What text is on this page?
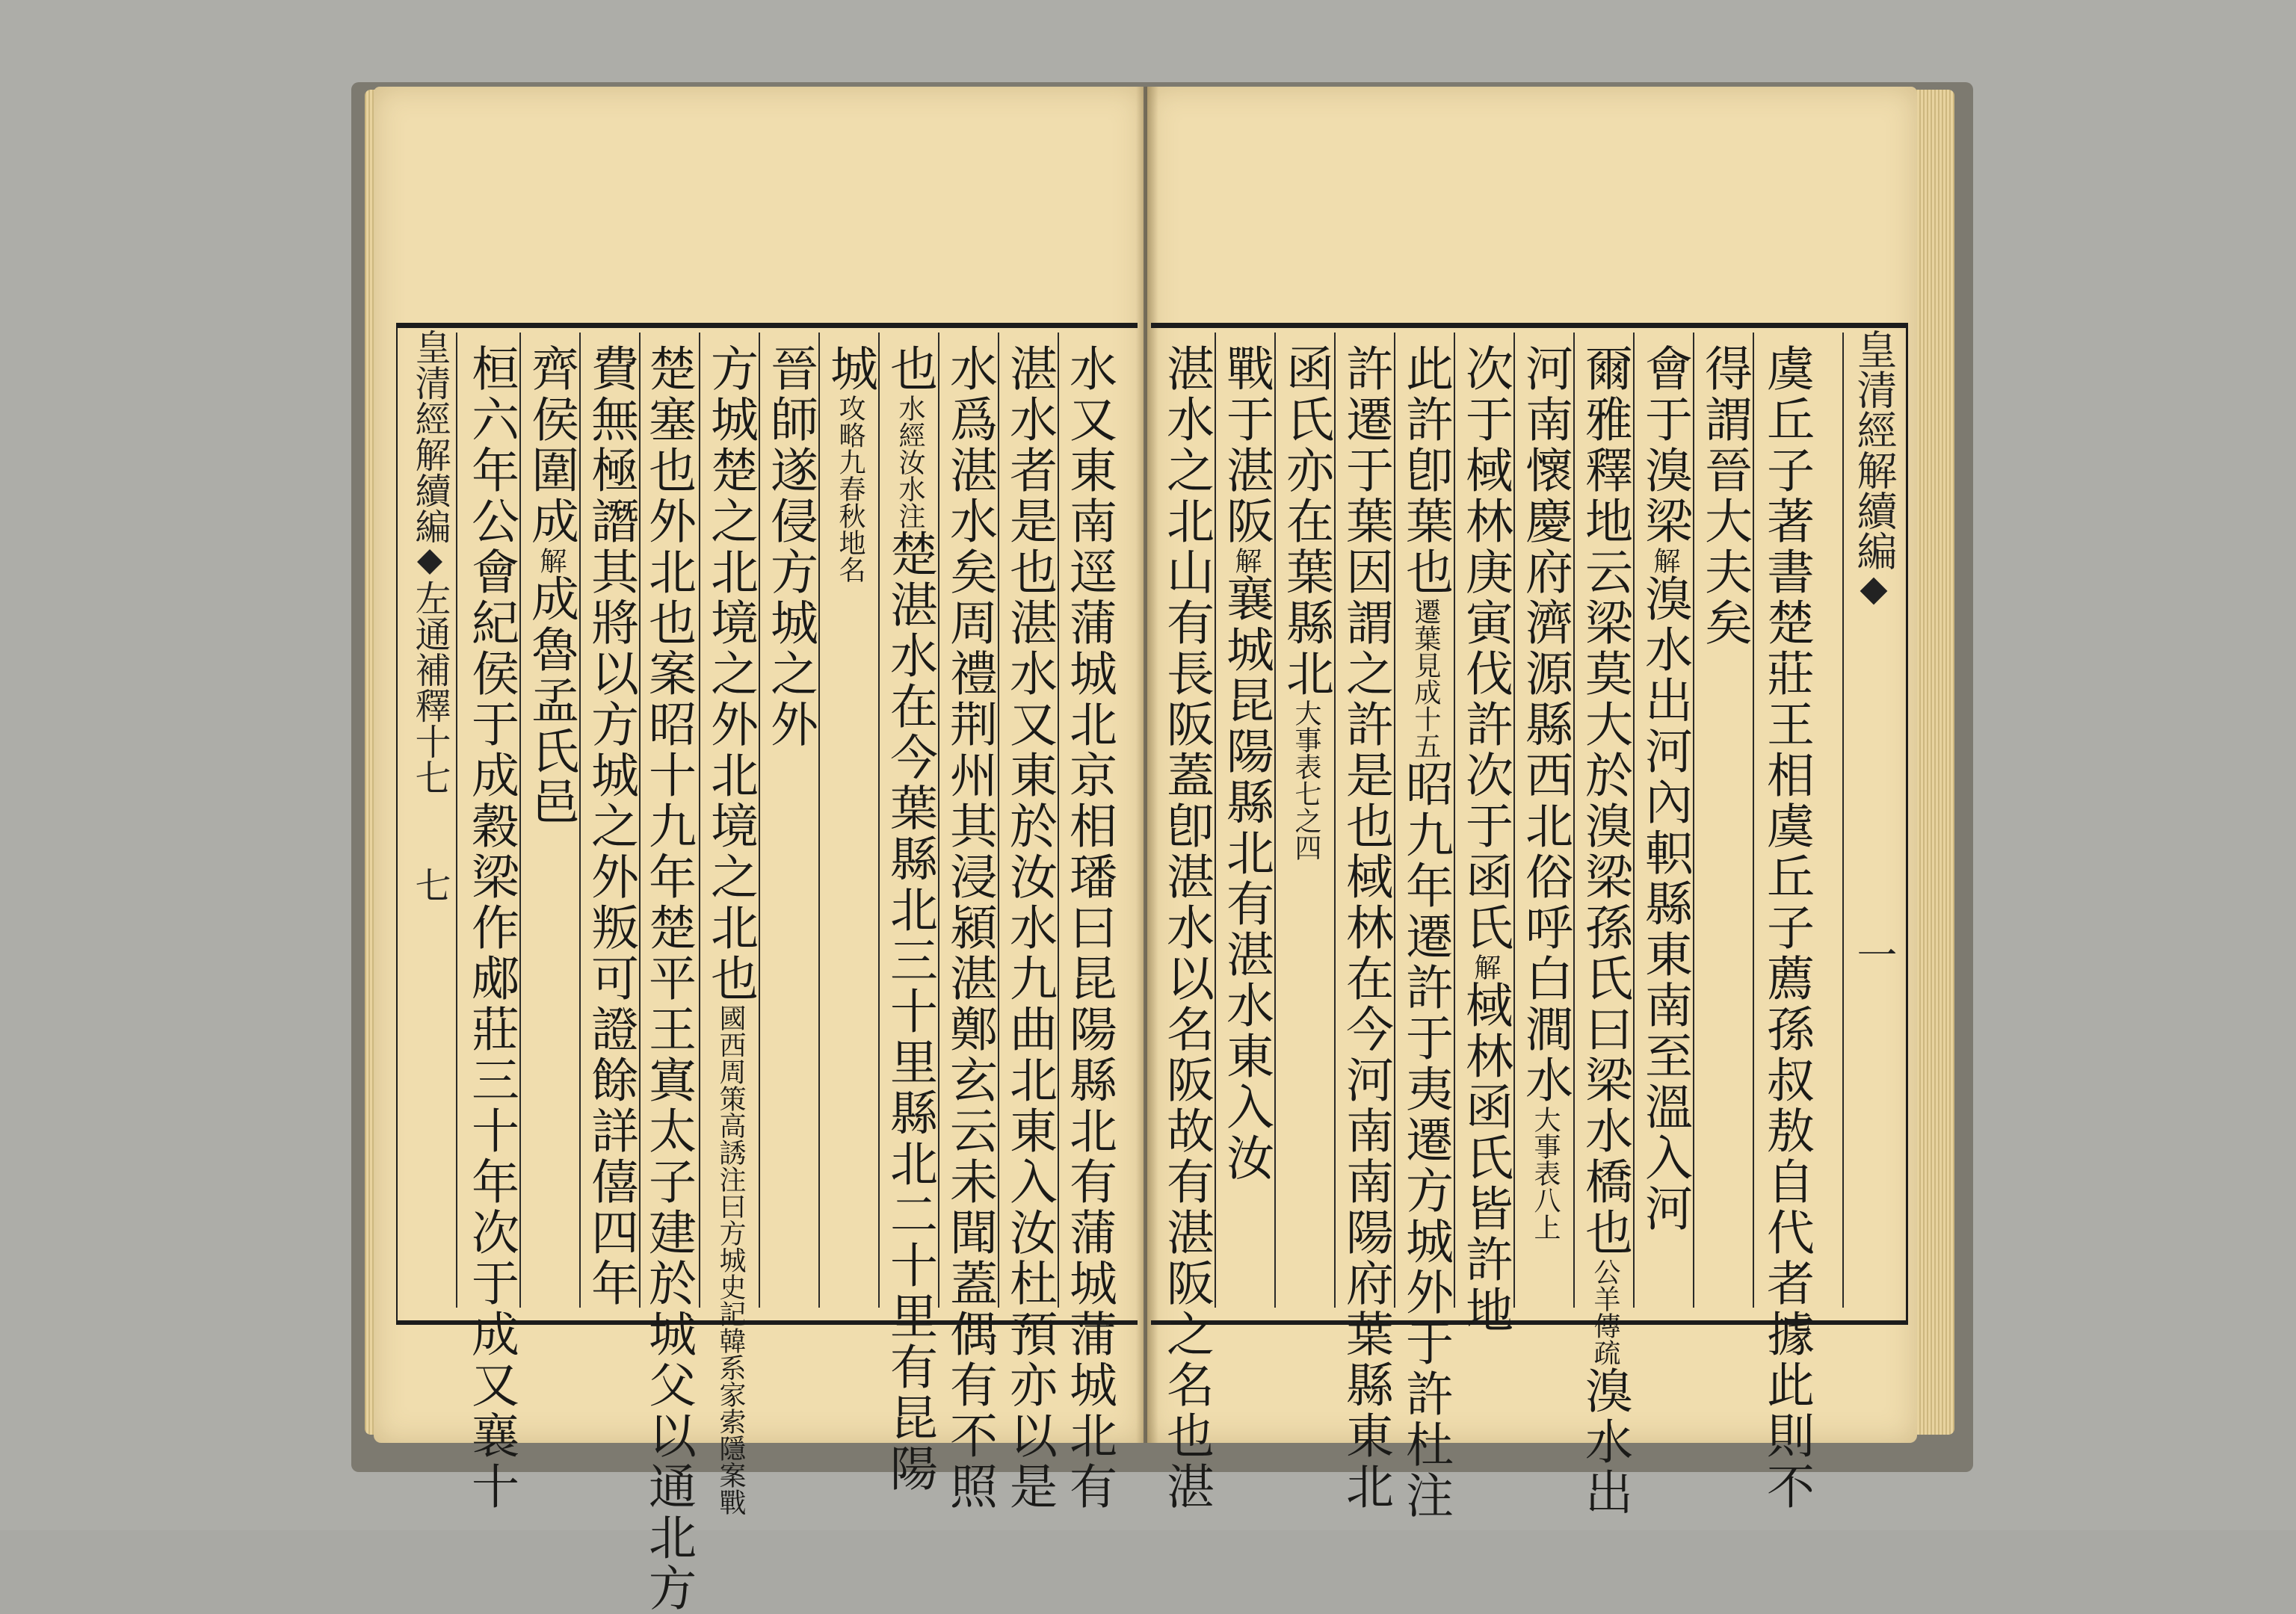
皇清經解續編左通補釋十七　　七
皇清經解續編　　　　　　　　一
桓六年公會紀侯于成穀梁作郕莊三十年次于成又襄十 齊侯圍成解成魯孟氏邑 費無極譖其將以方城之外叛可證餘詳僖四年 楚塞也外北也案昭十九年楚平王寘太子建於城父以通北方 方城楚之北境之外北境之北也國西周策高誘注曰方城史記韓系家索隱案戰
晉師遂侵方城之外 城攻略九春秋地名
也水經汝水注楚湛水在今葉縣北三十里縣北二十里有昆陽 水爲湛水矣周禮荆州其浸潁湛鄭玄云未聞蓋偶有不照 湛水者是也湛水又東於汝水九曲北東入汝杜預亦以是 水又東南逕蒲城北京相璠曰昆陽縣北有蒲城蒲城北有 湛水之北山有長阪蓋卽湛水以名阪故有湛阪之名也湛 戰于湛阪解襄城昆陽縣北有湛水東入汝
函氏亦在葉縣北大事表七之四 許遷于葉因謂之許是也棫林在今河南南陽府葉縣東北 此許卽葉也遷葉見成十五昭九年遷許于夷遷方城外于許杜注
次于棫林庚寅伐許次于函氏解棫林函氏皆許地
河南懷慶府濟源縣西北俗呼白澗水大事表八上 爾雅釋地云梁莫大於溴梁孫氏曰梁水橋也公羊傳疏溴水出
會于溴梁解溴水出河內軹縣東南至溫入河
得謂晉大夫矣 虞丘子著書楚莊王相虞丘子薦孫叔敖自代者據此則不
